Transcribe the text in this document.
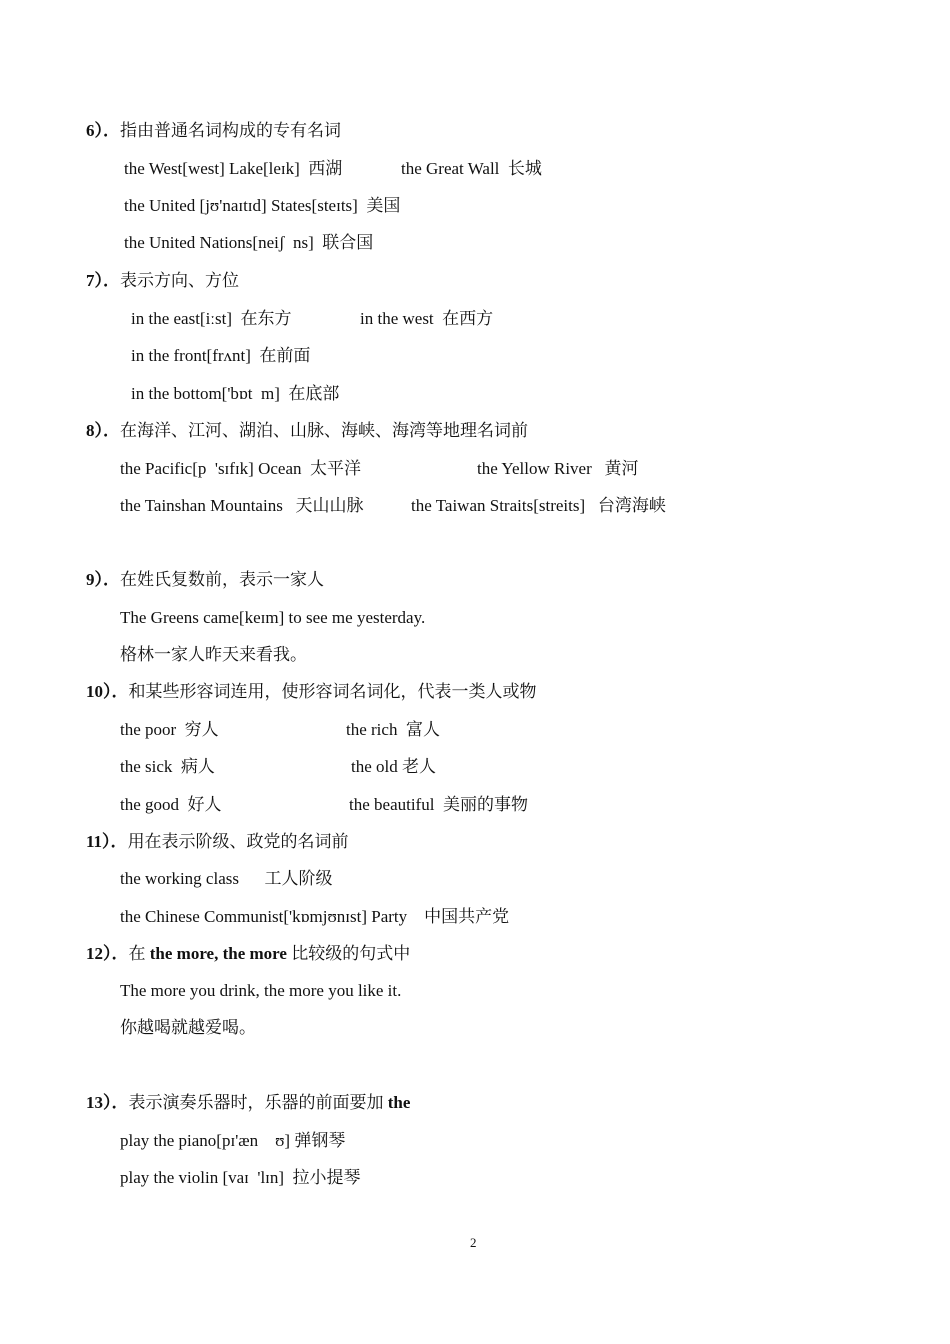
6）．指由普通名词构成的专有名词
the West[west] Lake[leɪk]  西湖	the Great Wall  长城
the United [jʊ'naɪtɪd] States[steɪts]  美国
the United Nations[neiʃ  ns]  联合国
7）．表示方向、方位
in the east[iːst]  在东方	in the west  在西方
in the front[frʌnt]  在前面
in the bottom['bɒt  m]  在底部
8）．在海洋、江河、湖泊、山脉、海峡、海湾等地理名词前
the Pacific[p  'sɪfɪk] Ocean  太平洋	the Yellow River   黄河
the Tainshan Mountains   天山山脉	the Taiwan Straits[streits]   台湾海峡
9）．在姓氏复数前，表示一家人
The Greens came[keɪm] to see me yesterday.
格林一家人昨天来看我。
10）．和某些形容词连用，使形容词名词化，代表一类人或物
the poor  穷人	the rich  富人
the sick  病人	the old 老人
the good  好人	the beautiful  美丽的事物
11）．用在表示阶级、政党的名词前
the working class      工人阶级
the Chinese Communist['kɒmjʊnɪst] Party    中国共产党
12）．在 the more, the more 比较级的句式中
The more you drink, the more you like it.
你越喝就越爱喝。
13）．表示演奏乐器时，乐器的前面要加 the
play the piano[pɪ'æn    ʊ] 弹钢琴
play the violin [vaɪ  'lɪn]  拉小提琴
2
